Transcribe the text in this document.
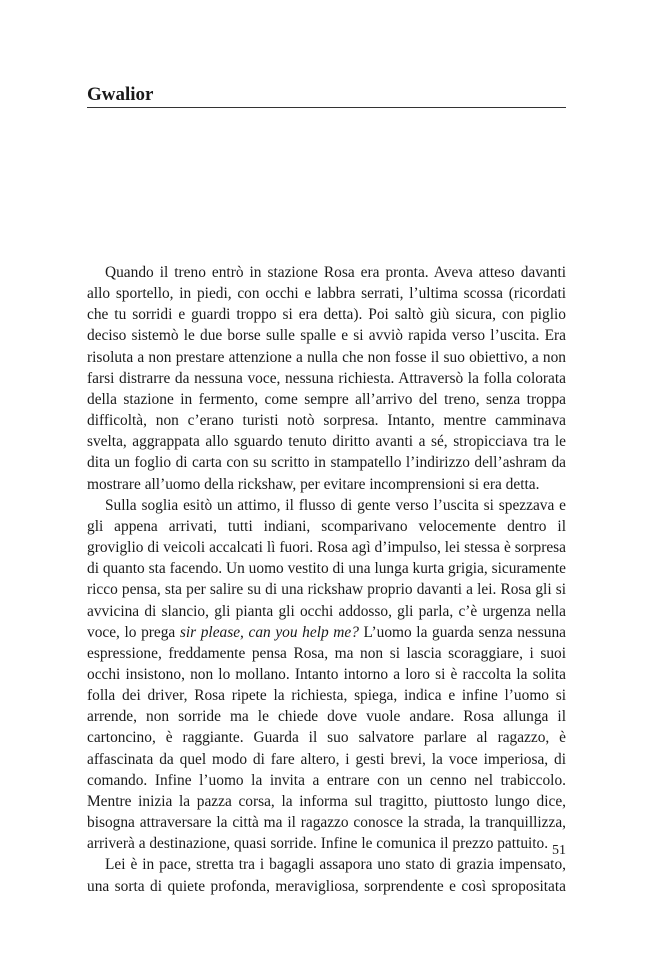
Gwalior

Quando il treno entrò in stazione Rosa era pronta. Aveva atteso davanti allo sportello, in piedi, con occhi e labbra serrati, l’ultima scossa (ricordati che tu sorridi e guardi troppo si era detta). Poi saltò giù sicura, con piglio deciso sistemò le due borse sulle spalle e si avviò rapida verso l’uscita. Era risoluta a non prestare attenzione a nulla che non fosse il suo obiettivo, a non farsi distrarre da nessuna voce, nessuna richiesta. Attraversò la folla colorata della stazione in fermento, come sempre all’arrivo del treno, senza troppa difficoltà, non c’erano turisti notò sorpresa. Intanto, mentre camminava svelta, aggrappata allo sguardo tenuto diritto avanti a sé, stropicciava tra le dita un foglio di carta con su scritto in stampatello l’indirizzo dell’ashram da mostrare all’uomo della rickshaw, per evitare incomprensioni si era detta.

Sulla soglia esitò un attimo, il flusso di gente verso l’uscita si spezzava e gli appena arrivati, tutti indiani, scomparivano velocemente dentro il groviglio di veicoli accalcati lì fuori. Rosa agì d’impulso, lei stessa è sorpresa di quanto sta facendo. Un uomo vestito di una lunga kurta grigia, sicuramente ricco pensa, sta per salire su di una rickshaw proprio davanti a lei. Rosa gli si avvicina di slancio, gli pianta gli occhi addosso, gli parla, c’è urgenza nella voce, lo prega sir please, can you help me? L’uomo la guarda senza nessuna espressione, freddamente pensa Rosa, ma non si lascia scoraggiare, i suoi occhi insistono, non lo mollano. Intanto intorno a loro si è raccolta la solita folla dei driver, Rosa ripete la richiesta, spiega, indica e infine l’uomo si arrende, non sorride ma le chiede dove vuole andare. Rosa allunga il cartoncino, è raggiante. Guarda il suo salvatore parlare al ragazzo, è affascinata da quel modo di fare altero, i gesti brevi, la voce imperiosa, di comando. Infine l’uomo la invita a entrare con un cenno nel trabiccolo. Mentre inizia la pazza corsa, la informa sul tragitto, piuttosto lungo dice, bisogna attraversare la città ma il ragazzo conosce la strada, la tranquillizza, arriverà a destinazione, quasi sorride. Infine le comunica il prezzo pattuito.

Lei è in pace, stretta tra i bagagli assapora uno stato di grazia impensato, una sorta di quiete profonda, meravigliosa, sorprendente e così spropositata

51
